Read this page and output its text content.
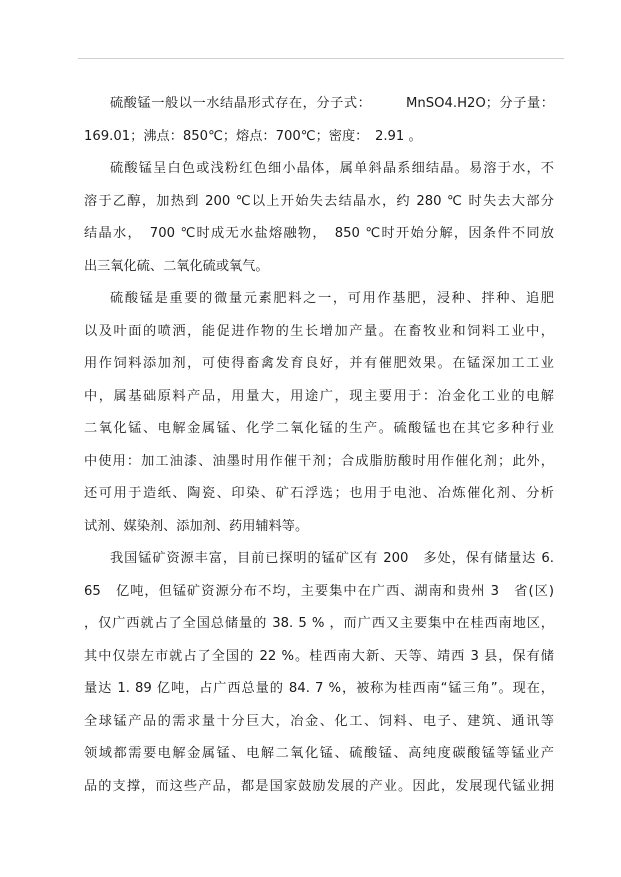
硫酸锰一般以一水结晶形式存在，分子式：　　　MnSO4.H2O；分子量：
169.01；沸点：850℃；熔点：700℃；密度：　2.91 。
硫酸锰呈白色或浅粉红色细小晶体，属单斜晶系细结晶。易溶于水，不
溶于乙醇，加热到 200 ℃以上开始失去结晶水，约 280 ℃ 时失去大部分
结晶水，　700 ℃时成无水盐熔融物，　850 ℃时开始分解，因条件不同放
出三氧化硫、二氧化硫或氧气。
硫酸锰是重要的微量元素肥料之一，可用作基肥，浸种、拌种、追肥
以及叶面的喷洒，能促进作物的生长增加产量。在畜牧业和饲料工业中，
用作饲料添加剂，可使得畜禽发育良好，并有催肥效果。在锰深加工工业
中，属基础原料产品，用量大，用途广，现主要用于：冶金化工业的电解
二氧化锰、电解金属锰、化学二氧化锰的生产。硫酸锰也在其它多种行业
中使用：加工油漆、油墨时用作催干剂；合成脂肪酸时用作催化剂；此外，
还可用于造纸、陶瓷、印染、矿石浮选；也用于电池、冶炼催化剂、分析
试剂、媒染剂、添加剂、药用辅料等。
我国锰矿资源丰富，目前已探明的锰矿区有 200　多处，保有储量达 6.
65　亿吨，但锰矿资源分布不均，主要集中在广西、湖南和贵州 3　省(区)
，仅广西就占了全国总储量的 38. 5 % ，而广西又主要集中在桂西南地区，
其中仅崇左市就占了全国的 22 %。桂西南大新、天等、靖西 3 县，保有储
量达 1. 89 亿吨，占广西总量的 84. 7 %，被称为桂西南“锰三角”。现在，
全球锰产品的需求量十分巨大，冶金、化工、饲料、电子、建筑、通讯等
领域都需要电解金属锰、电解二氧化锰、硫酸锰、高纯度碳酸锰等锰业产
品的支撑，而这些产品，都是国家鼓励发展的产业。因此，发展现代锰业拥
